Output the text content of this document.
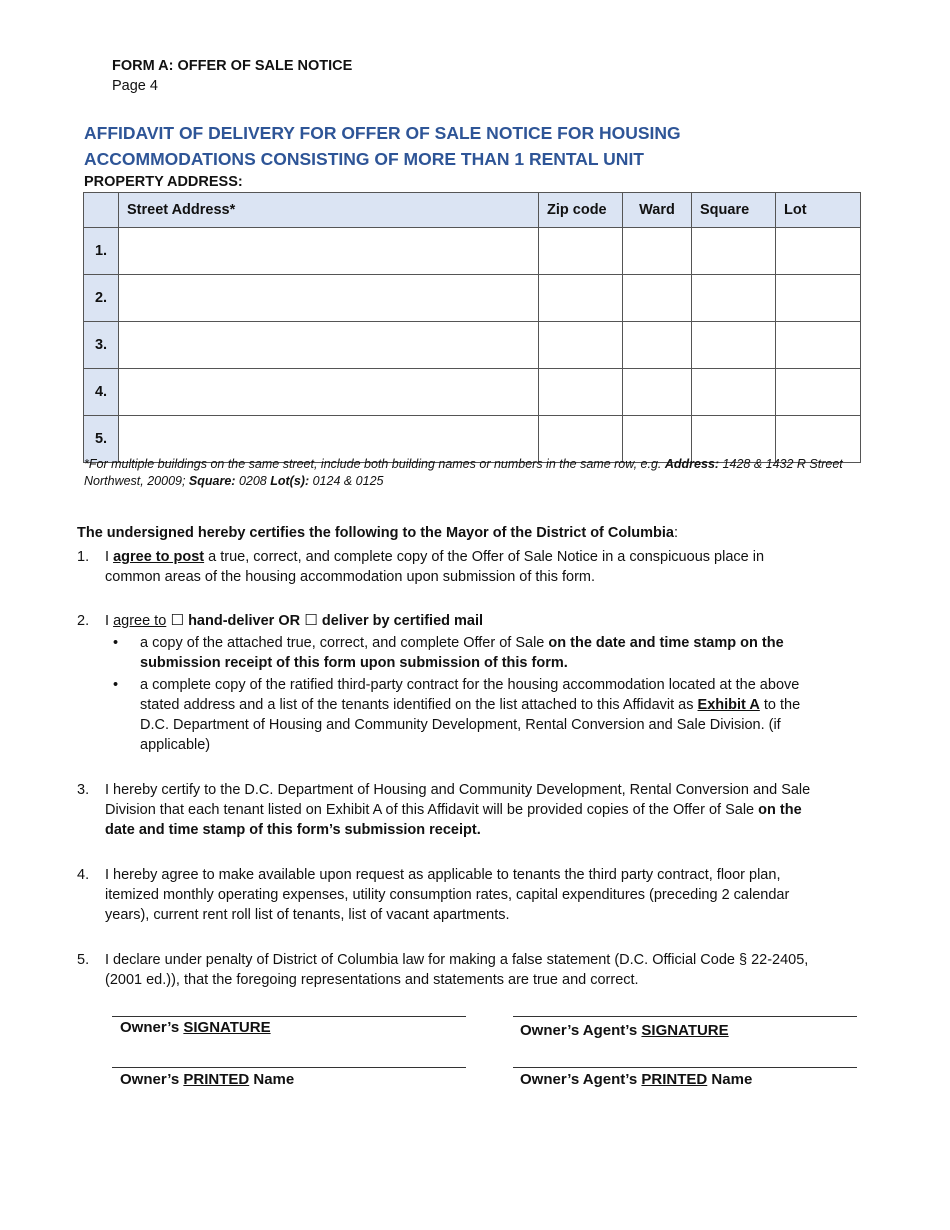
FORM A: OFFER OF SALE NOTICE
Page 4
AFFIDAVIT OF DELIVERY FOR OFFER OF SALE NOTICE FOR HOUSING ACCOMMODATIONS CONSISTING OF MORE THAN 1 RENTAL UNIT
PROPERTY ADDRESS:
	Street Address*	Zip code	Ward	Square	Lot
1.					
2.					
3.					
4.					
5.					
*For multiple buildings on the same street, include both building names or numbers in the same row, e.g. Address: 1428 & 1432 R Street Northwest, 20009; Square: 0208 Lot(s): 0124 & 0125
The undersigned hereby certifies the following to the Mayor of the District of Columbia:
1. I agree to post a true, correct, and complete copy of the Offer of Sale Notice in a conspicuous place in common areas of the housing accommodation upon submission of this form.
2. I agree to ☐ hand-deliver OR ☐ deliver by certified mail
• a copy of the attached true, correct, and complete Offer of Sale on the date and time stamp on the submission receipt of this form upon submission of this form.
• a complete copy of the ratified third-party contract for the housing accommodation located at the above stated address and a list of the tenants identified on the list attached to this Affidavit as Exhibit A to the D.C. Department of Housing and Community Development, Rental Conversion and Sale Division. (if applicable)
3. I hereby certify to the D.C. Department of Housing and Community Development, Rental Conversion and Sale Division that each tenant listed on Exhibit A of this Affidavit will be provided copies of the Offer of Sale on the date and time stamp of this form’s submission receipt.
4. I hereby agree to make available upon request as applicable to tenants the third party contract, floor plan, itemized monthly operating expenses, utility consumption rates, capital expenditures (preceding 2 calendar years), current rent roll list of tenants, list of vacant apartments.
5. I declare under penalty of District of Columbia law for making a false statement (D.C. Official Code § 22-2405, (2001 ed.)), that the foregoing representations and statements are true and correct.
Owner’s SIGNATURE	Owner’s Agent’s SIGNATURE
Owner’s PRINTED Name	Owner’s Agent’s PRINTED Name
